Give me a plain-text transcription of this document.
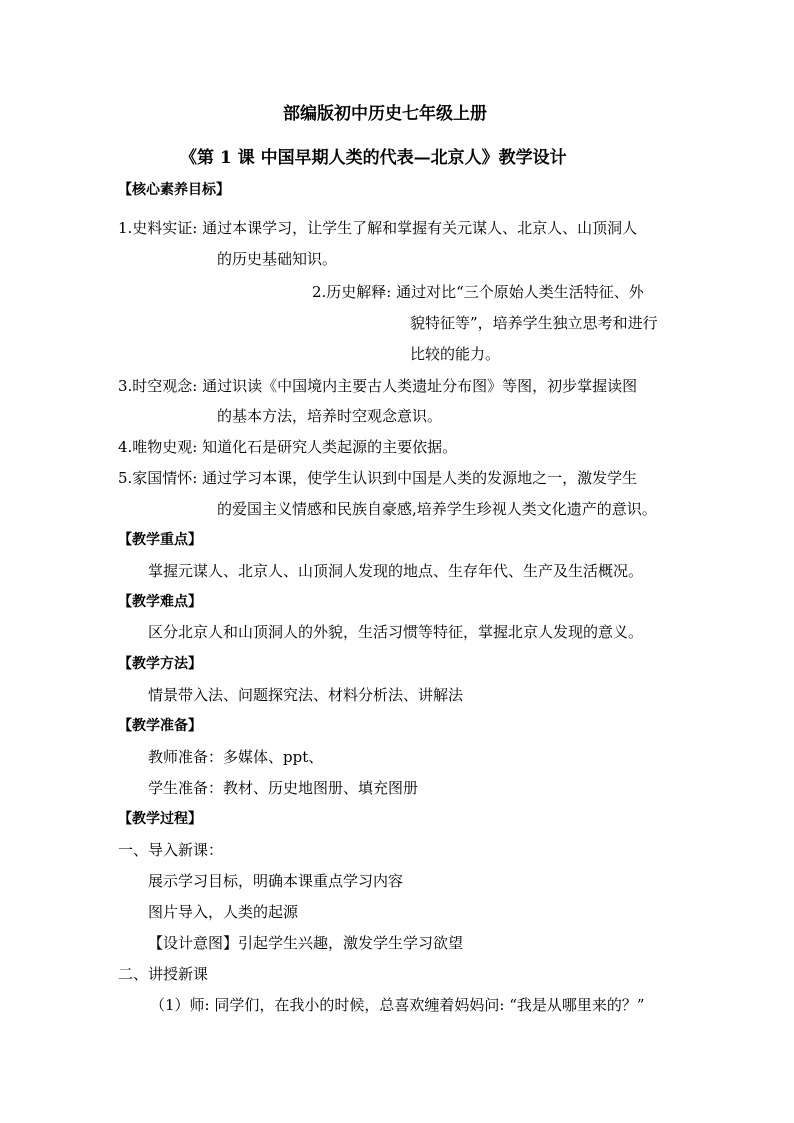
部编版初中历史七年级上册
《第 1 课 中国早期人类的代表—北京人》教学设计
【核心素养目标】
1.史料实证: 通过本课学习，让学生了解和掌握有关元谋人、北京人、山顶洞人
的历史基础知识。
2.历史解释: 通过对比“三个原始人类生活特征、外
貌特征等”，培养学生独立思考和进行
比较的能力。
3.时空观念: 通过识读《中国境内主要古人类遗址分布图》等图，初步掌握读图
的基本方法，培养时空观念意识。
4.唯物史观: 知道化石是研究人类起源的主要依据。
5.家国情怀: 通过学习本课，使学生认识到中国是人类的发源地之一，激发学生
的爱国主义情感和民族自豪感,培养学生珍视人类文化遗产的意识。
【教学重点】
掌握元谋人、北京人、山顶洞人发现的地点、生存年代、生产及生活概况。
【教学难点】
区分北京人和山顶洞人的外貌，生活习惯等特征，掌握北京人发现的意义。
【教学方法】
情景带入法、问题探究法、材料分析法、讲解法
【教学准备】
教师准备：多媒体、ppt、
学生准备：教材、历史地图册、填充图册
【教学过程】
一、导入新课：
展示学习目标，明确本课重点学习内容
图片导入，人类的起源
【设计意图】引起学生兴趣，激发学生学习欲望
二、讲授新课
（1）师: 同学们，在我小的时候，总喜欢缠着妈妈问: “我是从哪里来的？”
